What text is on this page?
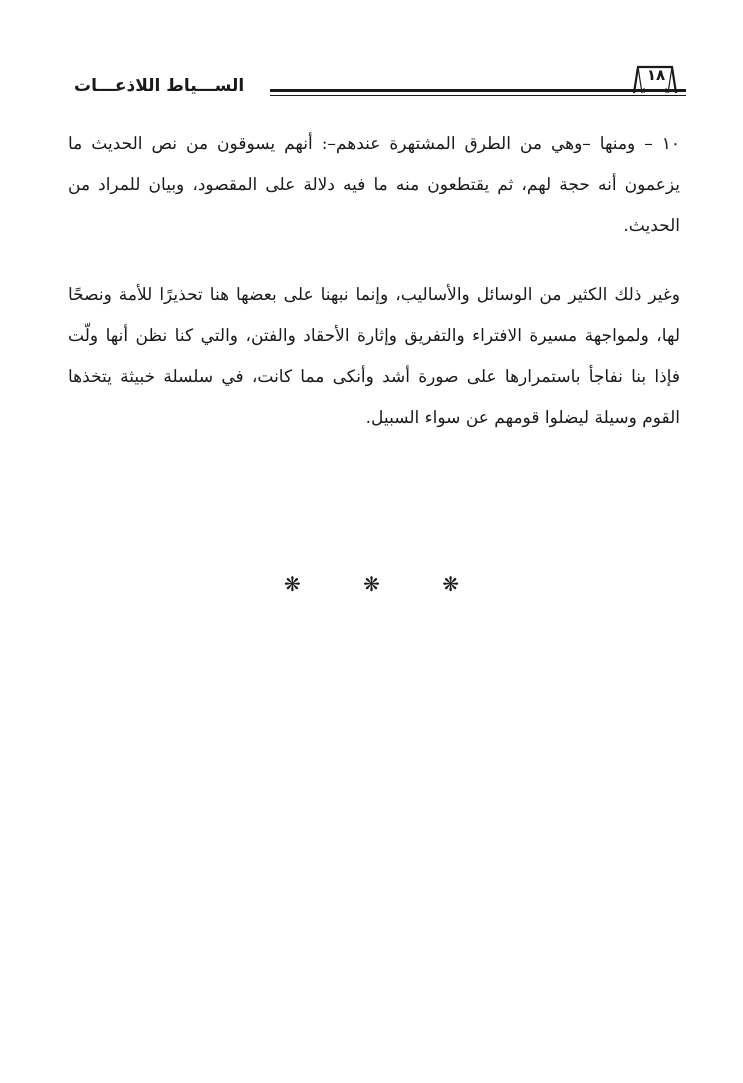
الســـياط اللاذعـــات
١٨

١٠ – ومنها –وهي من الطرق المشتهرة عندهم–: أنهم يسوقون من نص الحديث ما يزعمون أنه حجة لهم، ثم يقتطعون منه ما فيه دلالة على المقصود، وبيان للمراد من الحديث.

وغير ذلك الكثير من الوسائل والأساليب، وإنما نبهنا على بعضها هنا تحذيرًا للأمة ونصحًا لها، ولمواجهة مسيرة الافتراء والتفريق وإثارة الأحقاد والفتن، والتي كنا نظن أنها ولّت فإذا بنا نفاجأ باستمرارها على صورة أشد وأنكى مما كانت، في سلسلة خبيثة يتخذها القوم وسيلة ليضلوا قومهم عن سواء السبيل.

❋	❋	❋
